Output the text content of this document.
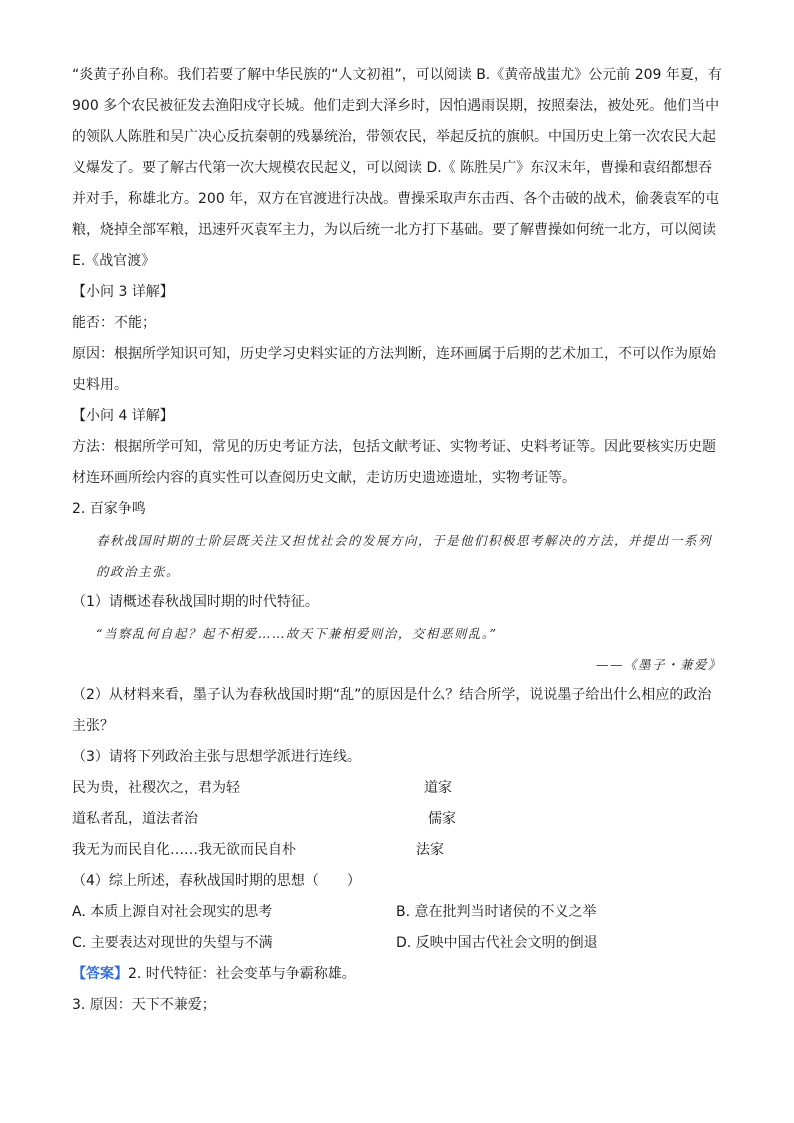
“炎黄子孙自称。我们若要了解中华民族的“人文初祖”，可以阅读 B.《黄帝战蚩尤》公元前 209 年夏，有 900 多个农民被征发去渔阳戍守长城。他们走到大泽乡时，因怕遇雨误期，按照秦法，被处死。他们当中的领队人陈胜和吴广决心反抗秦朝的残暴统治，带领农民，举起反抗的旗帜。中国历史上第一次农民大起义爆发了。要了解古代第一次大规模农民起义，可以阅读 D.《 陈胜吴广》东汉末年，曹操和袁绍都想吞并对手，称雄北方。200 年，双方在官渡进行决战。曹操采取声东击西、各个击破的战术，偷袭袁军的屯粮，烧掉全部军粮，迅速歼灭袁军主力，为以后统一北方打下基础。要了解曹操如何统一北方，可以阅读 E.《战官渡》

【小问 3 详解】

能否：不能；

原因：根据所学知识可知，历史学习史料实证的方法判断，连环画属于后期的艺术加工，不可以作为原始史料用。

【小问 4 详解】

方法：根据所学可知，常见的历史考证方法，包括文献考证、实物考证、史料考证等。因此要核实历史题材连环画所绘内容的真实性可以查阅历史文献，走访历史遗迹遗址，实物考证等。

2. 百家争鸣

春秋战国时期的士阶层既关注又担忧社会的发展方向，于是他们积极思考解决的方法，并提出一系列的政治主张。

（1）请概述春秋战国时期的时代特征。

“当察乱何自起？起不相爱……故天下兼相爱则治，交相恶则乱。”

——《墨子・兼爱》

（2）从材料来看，墨子认为春秋战国时期“乱”的原因是什么？结合所学，说说墨子给出什么相应的政治主张？

（3）请将下列政治主张与思想学派进行连线。

民为贵，社稷次之，君为轻	道家
道私者乱，道法者治	儒家
我无为而民自化……我无欲而民自朴	法家

（4）综上所述，春秋战国时期的思想（　　）

A. 本质上源自对社会现实的思考	B. 意在批判当时诸侯的不义之举
C. 主要表达对现世的失望与不满	D. 反映中国古代社会文明的倒退

【答案】2. 时代特征：社会变革与争霸称雄。

3. 原因：天下不兼爱；
